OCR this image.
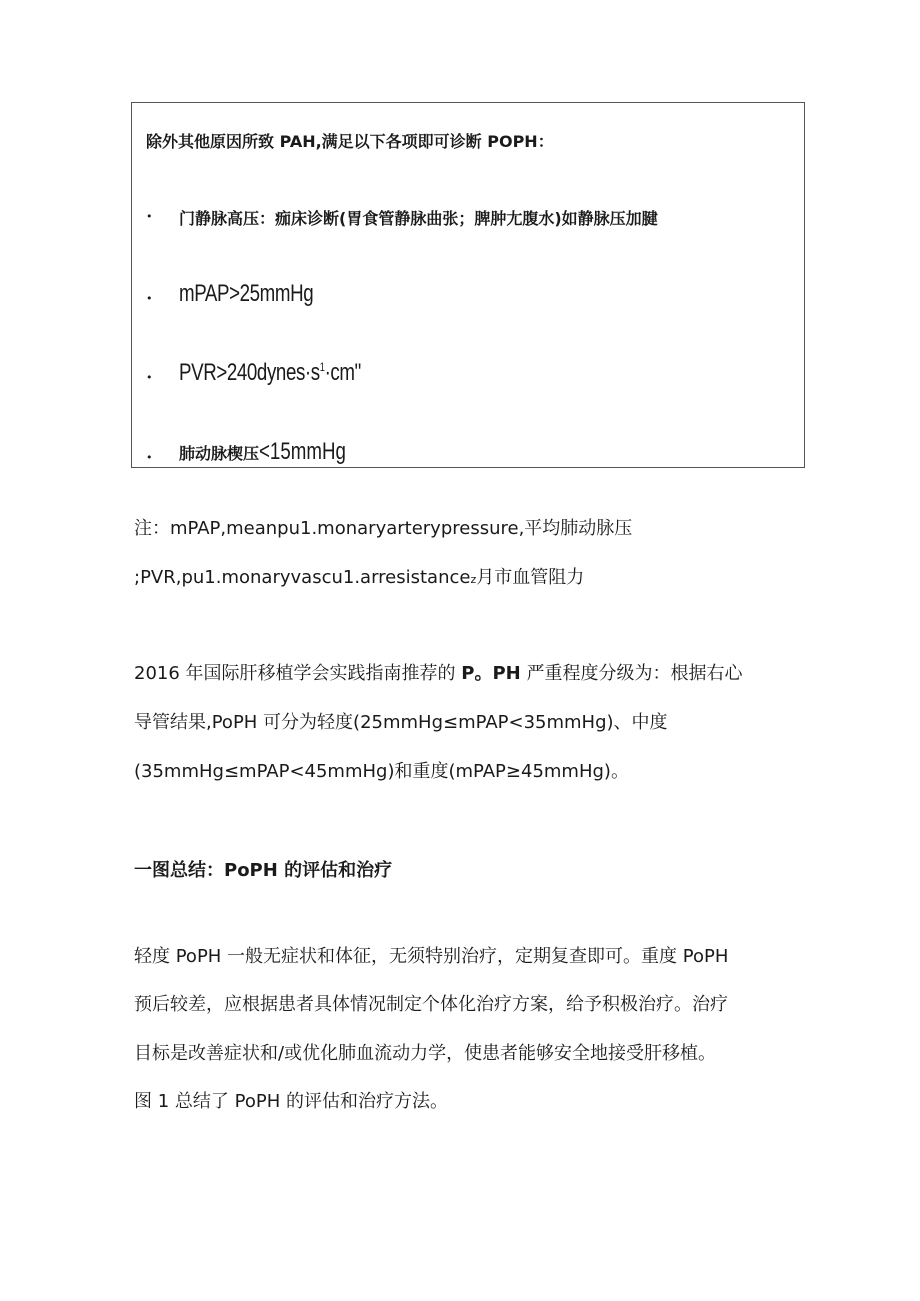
除外其他原因所致 PAH,满足以下各项即可诊断 POPH：
• 门静脉高压：痂床诊断(胃食管静脉曲张；脾肿尢腹水)如静脉压加腱
• mPAP>25mmHg
• $PVR>240dynes\cdot s^1\cdot cm$"
• 肺动脉楔压<15mmHg
注：mPAP,meanpu1.monaryarterypressure,平均肺动脉压
;PVR,pu1.monaryvascu1.arresistancez月市血管阻力
2016 年国际肝移植学会实践指南推荐的 P。PH 严重程度分级为：根据右心
导管结果,PoPH 可分为轻度(25mmHg≤mPAP<35mmHg)、中度
(35mmHg≤mPAP<45mmHg)和重度(mPAP≥45mmHg)。
一图总结：PoPH 的评估和治疗
轻度 PoPH 一般无症状和体征，无须特别治疗，定期复查即可。重度 PoPH
预后较差，应根据患者具体情况制定个体化治疗方案，给予积极治疗。治疗
目标是改善症状和/或优化肺血流动力学，使患者能够安全地接受肝移植。
图 1 总结了 PoPH 的评估和治疗方法。
